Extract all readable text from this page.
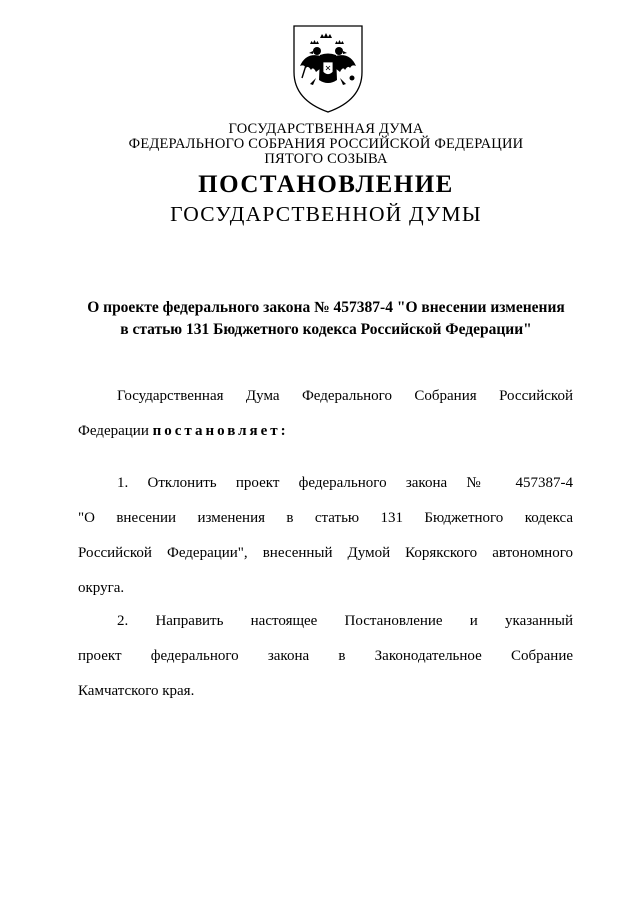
ГОСУДАРСТВЕННАЯ ДУМА
ФЕДЕРАЛЬНОГО СОБРАНИЯ РОССИЙСКОЙ ФЕДЕРАЦИИ
ПЯТОГО СОЗЫВА
ПОСТАНОВЛЕНИЕ
ГОСУДАРСТВЕННОЙ ДУМЫ
О проекте федерального закона № 457387-4 "О внесении изменения
в статью 131 Бюджетного кодекса Российской Федерации"
Государственная Дума Федерального Собрания Российской
Федерации постановляет:
1. Отклонить проект федерального закона № 457387-4
"О внесении изменения в статью 131 Бюджетного кодекса
Российской Федерации", внесенный Думой Корякского автономного
округа.
2. Направить настоящее Постановление и указанный
проект федерального закона в Законодательное Собрание
Камчатского края.
